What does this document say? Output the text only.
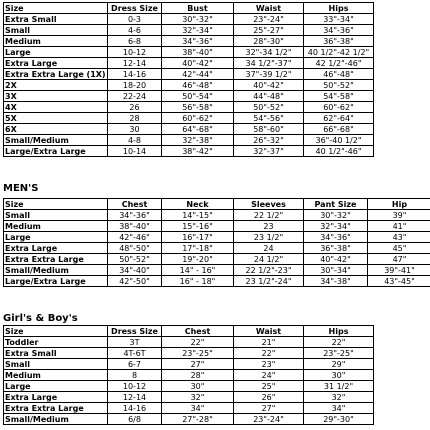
Size	Dress Size	Bust	Waist	Hips
Extra Small	0-3	30"-32"	23"-24"	33"-34"
Small	4-6	32"-34"	25"-27"	34"-36"
Medium	6-8	34"-36"	28"-30"	36"-38"
Large	10-12	38"-40"	32"-34 1/2"	40 1/2"-42 1/2"
Extra Large	12-14	40"-42"	34 1/2"-37"	42 1/2"-46"
Extra Extra Large (1X)	14-16	42"-44"	37"-39 1/2"	46"-48"
2X	18-20	46"-48"	40"-42"	50"-52"
3X	22-24	50"-54"	44"-48"	54"-58"
4X	26	56"-58"	50"-52"	60"-62"
5X	28	60"-62"	54"-56"	62"-64"
6X	30	64"-68"	58"-60"	66"-68"
Small/Medium	4-8	32"-38"	26"-32"	36"-40 1/2"
Large/Extra Large	10-14	38"-42"	32"-37"	40 1/2"-46"
MEN'S
Size	Chest	Neck	Sleeves	Pant Size	Hip
Small	34"-36"	14"-15"	22 1/2"	30"-32"	39"
Medium	38"-40"	15"-16"	23	32"-34"	41"
Large	42"-46"	16"-17"	23 1/2"	34"-36"	43"
Extra Large	48"-50"	17"-18"	24	36"-38"	45"
Extra Extra Large	50"-52"	19"-20"	24 1/2"	40"-42"	47"
Small/Medium	34"-40"	14" - 16"	22 1/2"-23"	30"-34"	39"-41"
Large/Extra Large	42"-50"	16" - 18"	23 1/2"-24"	34"-38"	43"-45"
Girl's & Boy's
Size	Dress Size	Chest	Waist	Hips
Toddler	3T	22"	21"	22"
Extra Small	4T-6T	23"-25"	22"	23"-25"
Small	6-7	27"	23"	29"
Medium	8	28"	24"	30"
Large	10-12	30"	25"	31 1/2"
Extra Large	12-14	32"	26"	32"
Extra Extra Large	14-16	34"	27"	34"
Small/Medium	6/8	27"-28"	23"-24"	29"-30"
